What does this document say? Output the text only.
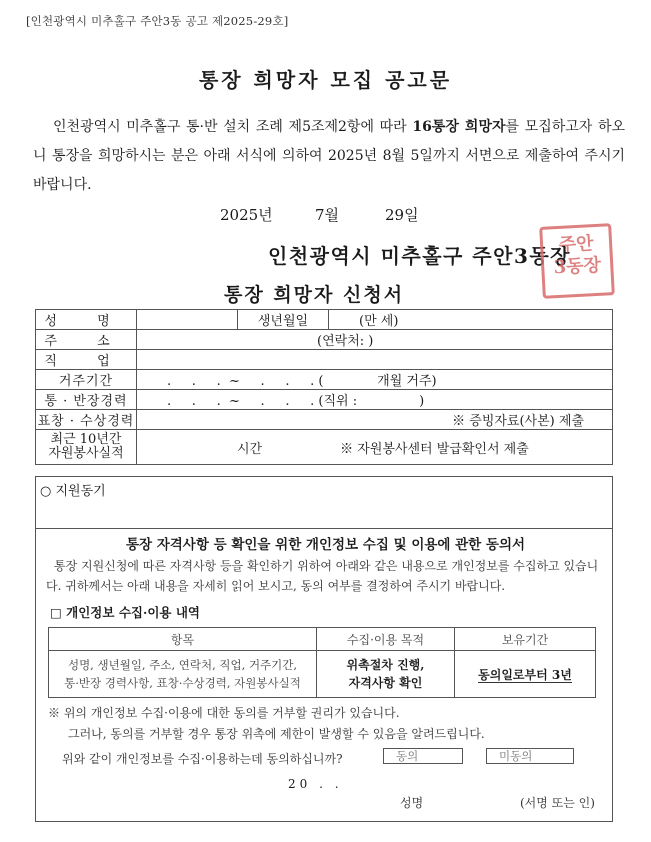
[인천광역시 미추홀구 주안3동 공고 제2025-29호]
통장 희망자 모집 공고문
인천광역시 미추홀구 통·반 설치 조례 제5조제2항에 따라 16통장 희망자를 모집하고자 하오니 통장을 희망하시는 분은 아래 서식에 의하여 2025년 8월 5일까지 서면으로 제출하여 주시기 바랍니다.
2025년	7월	29일
인천광역시 미추홀구 주안3동장
주안
3동장
통장 희망자 신청서
성 명		생년월일	(만 세)
주 소	(연락처: )		
직 업			
거주기간	.     .     .  ~     .     .     . (             개월 거주)		
통 · 반장경력	.     .     .  ~     .     .     . (직위 :               )		
표창 · 수상경력	※ 증빙자료(사본) 제출		
최근 10년간
자원봉사실적	시간 ※ 자원봉사센터 발급확인서 제출		
○ 지원동기
통장 자격사항 등 확인을 위한 개인정보 수집 및 이용에 관한 동의서
통장 지원신청에 따른 자격사항 등을 확인하기 위하여 아래와 같은 내용으로 개인정보를 수집하고 있습니다. 귀하께서는 아래 내용을 자세히 읽어 보시고, 동의 여부를 결정하여 주시기 바랍니다.
□ 개인정보 수집·이용 내역
항목	수집·이용 목적	보유기간
성명, 생년월일, 주소, 연락처, 직업, 거주기간,
통·반장 경력사항, 표창·수상경력, 자원봉사실적	위촉절차 진행,
자격사항 확인	동의일로부터 3년
※ 위의 개인정보 수집·이용에 대한 동의를 거부할 권리가 있습니다.
그러나, 동의를 거부할 경우 통장 위촉에 제한이 발생할 수 있음을 알려드립니다.
위와 같이 개인정보를 수집·이용하는데 동의하십니까?	동의	미동의
20 . .
성명	(서명 또는 인)
